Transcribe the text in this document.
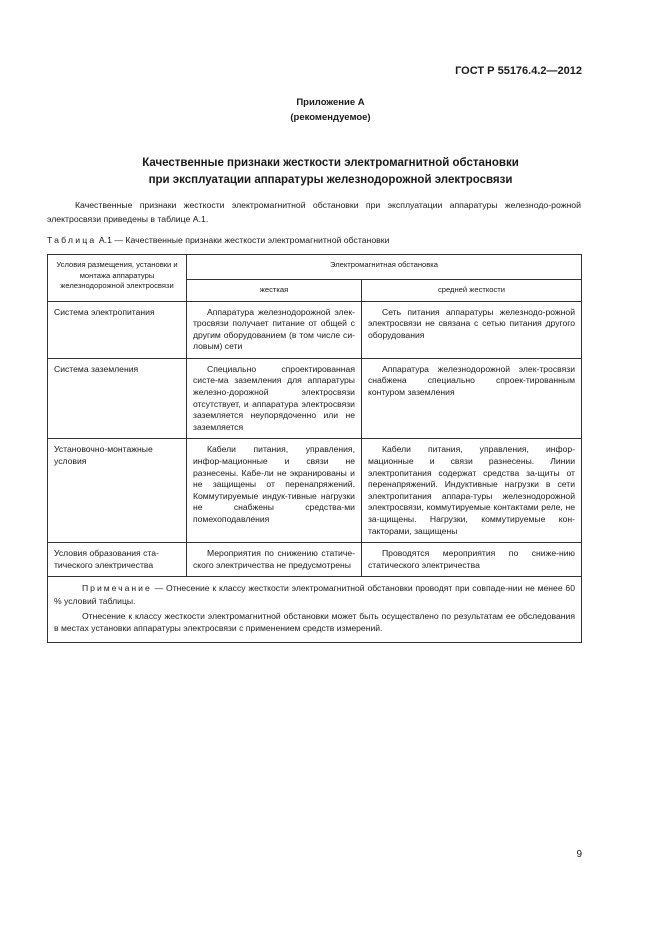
ГОСТ Р 55176.4.2—2012
Приложение А
(рекомендуемое)
Качественные признаки жесткости электромагнитной обстановки
при эксплуатации аппаратуры железнодорожной электросвязи
Качественные признаки жесткости электромагнитной обстановки при эксплуатации аппаратуры железнодо-рожной электросвязи приведены в таблице А.1.
Таблица А.1 — Качественные признаки жесткости электромагнитной обстановки
Условия размещения, установки и монтажа аппаратуры железнодорожной электросвязи	Электромагнитная обстановка	
	жесткая	средней жесткости
Система электропитания	Аппаратура железнодорожной элек-тросвязи получает питание от общей с другим оборудованием (в том числе си-ловым) сети	Сеть питания аппаратуры железнодо-рожной электросвязи не связана с сетью питания другого оборудования
Система заземления	Специально спроектированная систе-ма заземления для аппаратуры железно-дорожной электросвязи отсутствует, и аппаратура электросвязи заземляется неупорядоченно или не заземляется	Аппаратура железнодорожной элек-тросвязи снабжена специально спроек-тированным контуром заземления
Установочно-монтажные условия	Кабели питания, управления, инфор-мационные и связи не разнесены. Кабе-ли не экранированы и не защищены от перенапряжений. Коммутируемые индук-тивные нагрузки не снабжены средства-ми помехоподавления	Кабели питания, управления, инфор-мационные и связи разнесены. Линии электропитания содержат средства за-щиты от перенапряжений. Индуктивные нагрузки в сети электропитания аппара-туры железнодорожной электросвязи, коммутируемые контактами реле, не за-щищены. Нагрузки, коммутируемые кон-такторами, защищены
Условия образования ста-тического электричества	Мероприятия по снижению статиче-ского электричества не предусмотрены	Проводятся мероприятия по сниже-нию статического электричества

Примечание — Отнесение к классу жесткости электромагнитной обстановки проводят при совпаде-нии не менее 60 % условий таблицы.

Отнесение к классу жесткости электромагнитной обстановки может быть осуществлено по результатам ее обследования в местах установки аппаратуры электросвязи с применением средств измерений.		

9
